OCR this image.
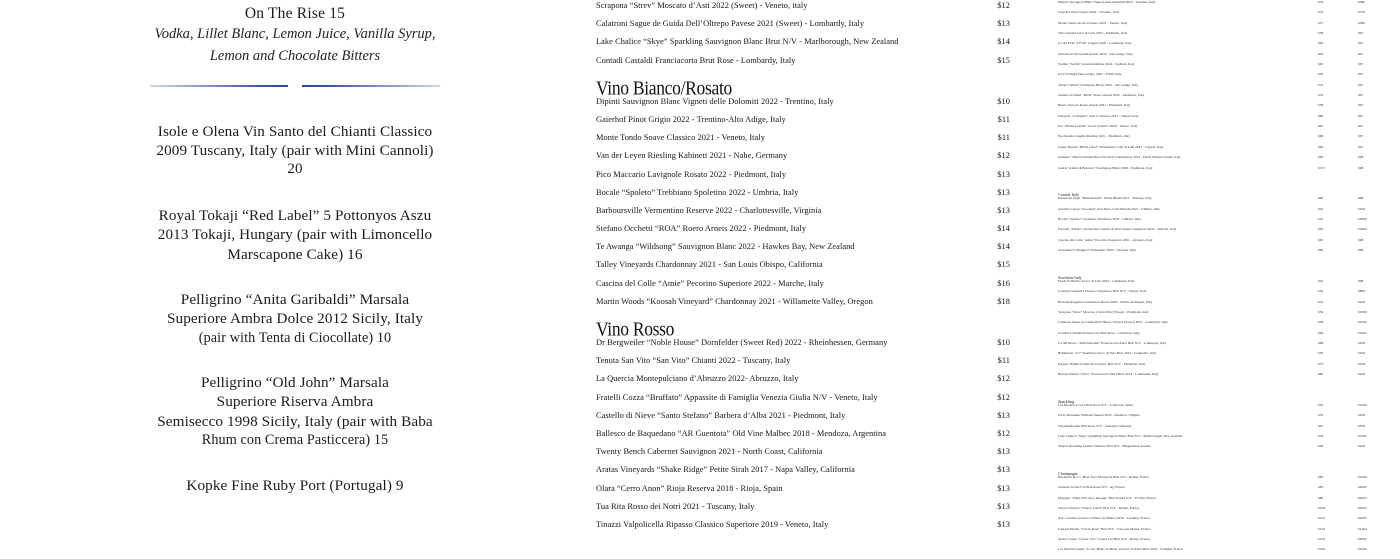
On The Rise 15
Vodka, Lillet Blanc, Lemon Juice, Vanilla Syrup,
Lemon and Chocolate Bitters
Isole e Olena Vin Santo del Chianti Classico
2009 Tuscany, Italy (pair with Mini Cannoli)
20
Royal Tokaji “Red Label” 5 Pottonyos Aszu
2013 Tokaji, Hungary (pair with Limoncello
Marscapone Cake) 16
Pelligrino “Anita Garibaldi” Marsala
Superiore Ambra Dolce 2012 Sicily, Italy
(pair with Tenta di Ciocollate) 10
Pelligrino “Old John” Marsala
Superiore Riserva Ambra
Semisecco 1998 Sicily, Italy (pair with Baba
Rhum con Crema Pasticcera) 15
Kopke Fine Ruby Port (Portugal) 9
Scrapona “Strev” Moscato d’Asti 2022 (Sweet) - Veneto, italy	$12
Calatroni Sague de Guida Dell’Oltrepo Pavese 2021 (Sweet) - Lombardy, Italy	$13
Lake Chalice “Skye” Sparkling Sauvignon Blanc Brut N/V - Marlborough, New Zealand	$14
Contadi Castaldi Franciacorta Brut Rose - Lombardy, Italy	$15
Vino Bianco/Rosato
Dipinti Sauvignon Blanc Vigneti delle Dolomiti 2022 - Trentino, Italy	$10
Gaierhof Pinot Grigio 2022 - Trentino-Alto Adige, Italy	$11
Monte Tondo Soave Classico 2021 - Veneto, Italy	$11
Van der Leyen Riesling Kabinett 2021 - Nahe, Germany	$12
Pico Maccario Lavignole Rosato 2022 - Piedmont, Italy	$13
Bocale “Spoleto” Trebbiano Spoletino 2022 - Umbria, Italy	$13
Barboursville Vermentino Reserve 2022 - Charlottesville, Virginia	$13
Stefano Occhetti “ROA” Roero Arneis 2022 - Piedmont, Italy	$14
Te Awanga “Wildsong” Sauvignon Blanc 2022 - Hawkes Bay, New Zealand	$14
Talley Vineyards Chardonnay 2021 - San Louis Obispo, California	$15
Cascina del Colle “Amie” Pecorino Superiore 2022 - Marche, Italy	$16
Martin Woods “Koosah Vineyard” Chardonnay 2021 - Willamette Valley, Oregon	$18
Vino Rosso
Dr Bergweiler “Noble House” Dornfelder (Sweet Red) 2022 - Rheinhessen, Germany	$10
Tenuta San Vito “San Vito” Chianti 2022 - Tuscany, Italy	$11
La Quercia Montepulciano d’Abruzzo 2022- Abruzzo, Italy	$12
Fratelli Cozza “Bruffato” Appassite di Famiglia Venezia Giulia N/V - Veneto, Italy	$12
Castello di Nieve “Santo Stefano” Barbera d’Alba 2021 - Piedmont, Italy	$13
Ballesco de Baquedano “AR Guentota” Old Vine Malbec 2018 - Mendoza, Argentina	$12
Twenty Bench Cabernet Sauvignon 2021 - North Coast, California	$13
Aratas Vineyards “Shake Ridge” Petite Sirah 2017 - Napa Valley, California	$13
Olara “Cerro Anon” Rioja Reserva 2018 - Rioja, Spain	$13
Tua Rita Rosso dei Notri 2021 - Tuscany, Italy	$13
Tinazzi Valpolicella Ripasso Classico Superiore 2019 - Veneto, Italy	$13
Dipinti Sauvignon Blanc Vigneti delle Dolomiti 2022 - Trentino, Italy	$52	$380
Gaierhof Pinot Grigio 2022 - Trentino, Italy	$52	$750
Monte Tondo Soave Classico 2021 - Veneto, Italy	$57	$380
Villa Sparina Gavi di Gavi 2022 - Piedmont, Italy	$58	$97
Ca dei Frati “I Frati” Lugana 2020 - Lombardy, Italy	$40	$97
Abbazia di Novacella Kerner 2022 - Alto Adige, Italy	$42	$97
Tramin “Selida” Gewurztraminer 2022 - Sudtirol, Italy	$45	$97
Livio Felluga Pinot Grigio 2022 - Friuli, Italy	$50	$97
Terlan “Winkl” Sauvignon Blanc 2022 - Alto Adige, Italy	$52	$97
Stefano Occhetti “ROA” Roero Arneis 2022 - Piedmont, Italy	$52	$97
Bruno Giacosa Roero Arneis 2021 - Piedmont, Italy	$58	$97
Pieropan “Calvarino” Soave Classico 2021 - Veneto, Italy	$60	$97
Pra “Monte Grande” Soave Classico 2020 - Veneto, Italy	$65	$97
Pecchenino Langhe Riesling 2021 - Piedmont, Italy	$68	$97
Lunae Bosoni “Black Label” Vermentino Colli di Luni 2021 - Liguria, Italy	$90	$97
Jermann “Where Dreams Have No End” Chardonnay 2021 - Friuli Venezia Giulia, Italy	$90	$98
GAJA “Alteni di Brassica” Sauvignon Blanc 2020 - Piedmont, Italy	$155	$98
Central Italy
Palazzone Pagit “Befbefliaante” White Blend 2021 - Tuscany, Italy	$40	$98
Arnaldo Caprai “Grecante” Grechetto Colli Martani 2021 - Umbria, Italy	$42	$100
Bocale “Spoleto” Spoletino Trebbiano 2022 - Umbria, Italy	$55	$1800
Pievalta “Villaia” Verdicchio Castelli di Jesi Classico Superiore 2022 - Marche, Italy	$62	$1800
Cascina del Colle “Amie” Pecorino Superiore 2021 - Abruzzo, Italy	$65	$98
Grattamacco Bolgheri Vermentino 2020 - Tuscany, Italy	$90	$98
Southern Italy
Feudi di Manzio Greco di Tufo 2021 - Campania, Italy	$42	$98
Loredan Gasparini Prosecco Superiore Brut N/V - Veneto, Italy	$50	$800
Brolettu Reggiano Lambrusco Rosso 2020 - Emilia-Romagna, Italy	$52	$100
Scrapona “Strev” Moscato d’Asti 2022 (Sweet) - Piedmont, Italy	$50	$1000
Calatroni Sague de Guida Dell’Oltrepo Pavese (Sweet) 2021 - Lombardy, Italy	$58	$1000
Contadi Castaldi Franciacorta Brut Rose - Lombardy, Italy	$64	$1002
Ca’del Bosco “44th Edizione” Franciacorta Extra Brut N/V - Lombardy, Italy	$68	$100
Bambinuto “Ca” Sparkling Greco di Tufo Brut 2012 - Campania, Italy	$50	$100
Parusso Nebbiolo Metodo Classico Brut N/V - Piedmont, Italy	$75	$100
Barone Pizzini “Satvo” Franciacorta Extra Brut 2014 - Lombardia, Italy	$82	$100
Sparkling
Les Monteros Cava Brut Rose N/V - Catalonia, Spain	$29	$1000
Early Mountain Petillant Naturel 2022 - Madison, Virginia	$55	$100
Scharffenberger Brut Rose N/V - Sonoma California	$45	$100
Lake Chalice “Skye” Sparkling Sauvignon Blanc Brut N/V - Marlborough, New Zealand	$50	$1000
Szigeti Sparkling Gruner Veltliner Brut N/V - Burgenland, Austria	$58	$100
Champagne
Heidsieck & Co “Blue Top” Monopole Brut N/V - Reims, France	$85	$2300
Gatinois Grand Cru Brut Rose N/V - Ay, France	$85	$2002
Drappier “Pinot Noir Zero Dosage” Brut Nature N/V - Urville, France	$86	$2005
Veuve Clicquot “Yellow Label” Brut N/V - Reims, France	$100	$2002
A.R. Lenoble Grand Cru Blanc de Blancs 2012 - Chouilly, France	$112	$2005
Laurent-Perrier “Cuvee Rose” Brut N/V - Tous-sur-Marne, France	$145	$1204
Andre Clouet “Cuvee 1911” Grand Cru Brut N/V - Bouzy, France	$150	$2004
Les Mesnil Grands “Code” Blanc de Blanc Grand Cru Extra Brut 2016 - Cramant, France	$190	$2500
